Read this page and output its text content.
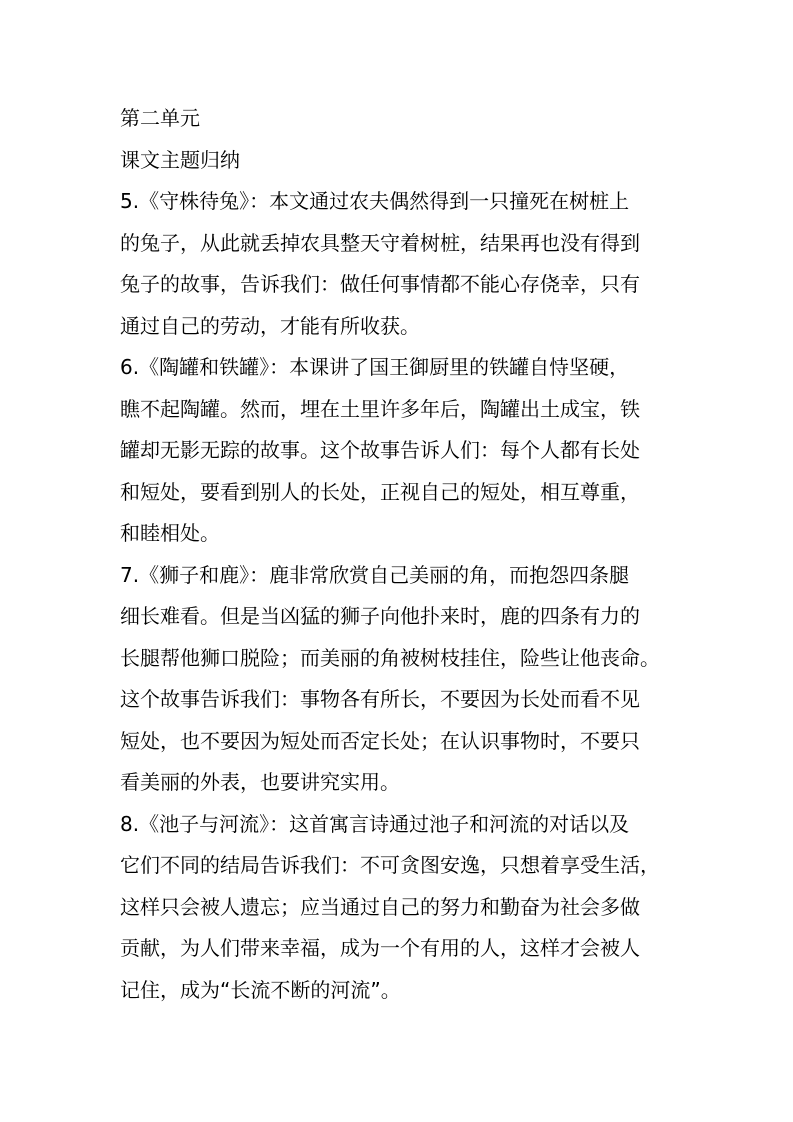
第二单元
课文主题归纳
5.《守株待兔》：本文通过农夫偶然得到一只撞死在树桩上
的兔子，从此就丢掉农具整天守着树桩，结果再也没有得到
兔子的故事，告诉我们：做任何事情都不能心存侥幸，只有
通过自己的劳动，才能有所收获。
6.《陶罐和铁罐》：本课讲了国王御厨里的铁罐自恃坚硬，
瞧不起陶罐。然而，埋在土里许多年后，陶罐出土成宝，铁
罐却无影无踪的故事。这个故事告诉人们：每个人都有长处
和短处，要看到别人的长处，正视自己的短处，相互尊重，
和睦相处。
7.《狮子和鹿》：鹿非常欣赏自己美丽的角，而抱怨四条腿
细长难看。但是当凶猛的狮子向他扑来时，鹿的四条有力的
长腿帮他狮口脱险；而美丽的角被树枝挂住，险些让他丧命。
这个故事告诉我们：事物各有所长，不要因为长处而看不见
短处，也不要因为短处而否定长处；在认识事物时，不要只
看美丽的外表，也要讲究实用。
8.《池子与河流》：这首寓言诗通过池子和河流的对话以及
它们不同的结局告诉我们：不可贪图安逸，只想着享受生活，
这样只会被人遗忘；应当通过自己的努力和勤奋为社会多做
贡献，为人们带来幸福，成为一个有用的人，这样才会被人
记住，成为“长流不断的河流”。
